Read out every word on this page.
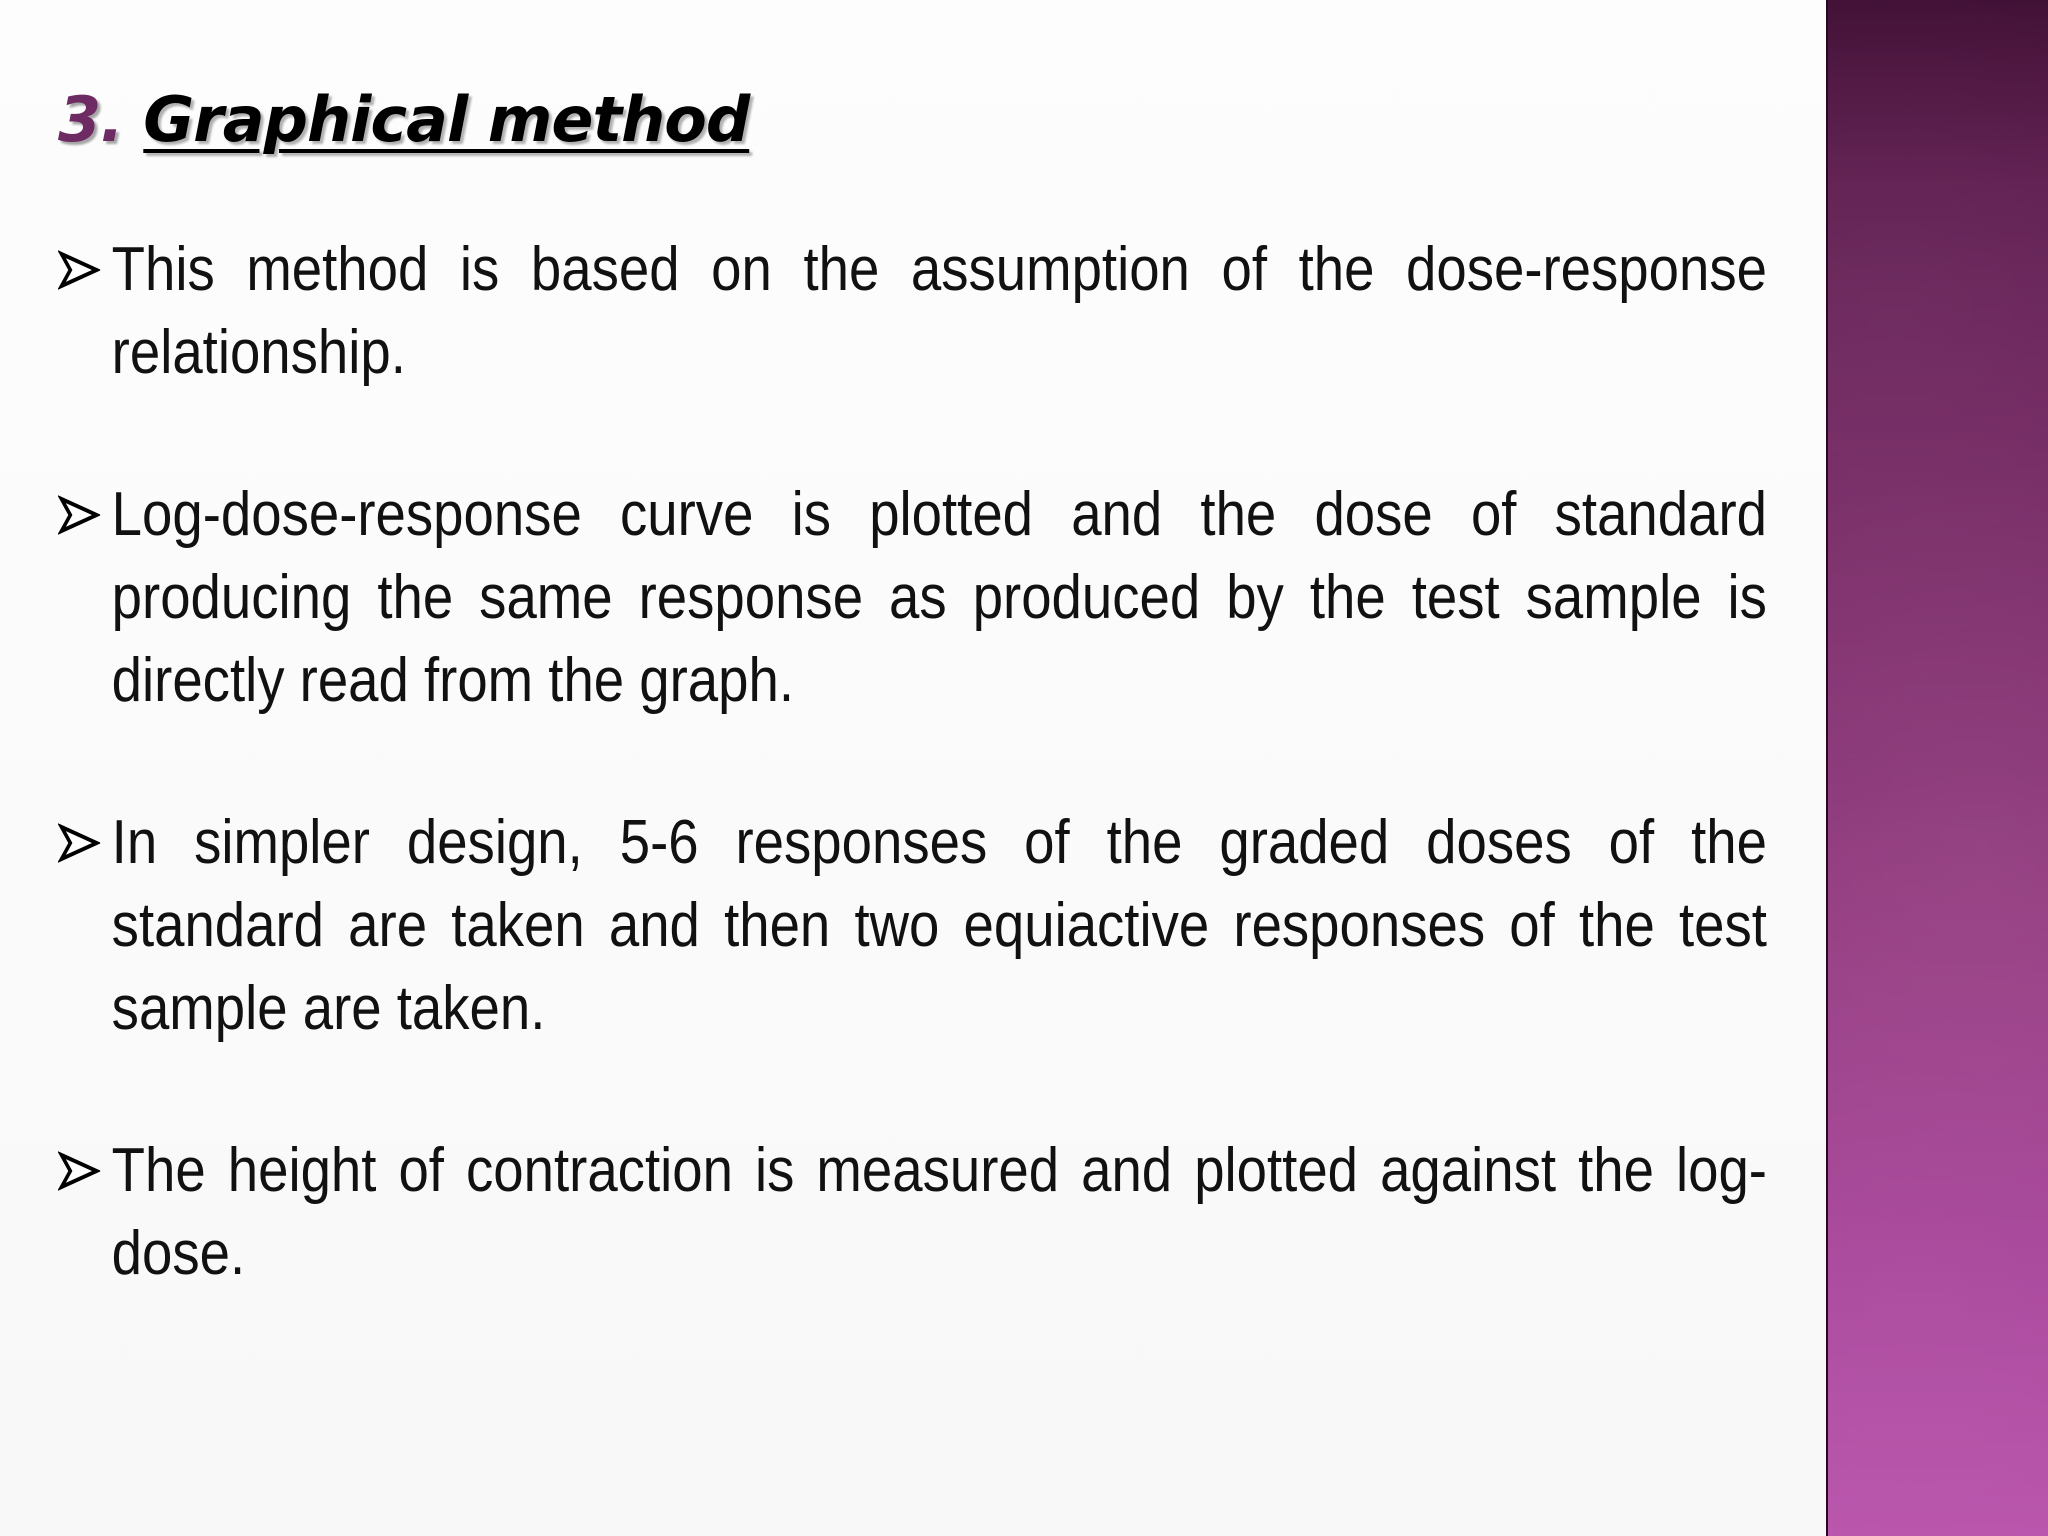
3. Graphical method
This method is based on the assumption of the dose-response relationship.
Log-dose-response curve is plotted and the dose of standard producing the same response as produced by the test sample is directly read from the graph.
In simpler design, 5-6 responses of the graded doses of the standard are taken and then two equiactive responses of the test sample are taken.
The height of contraction is measured and plotted against the log-dose.
